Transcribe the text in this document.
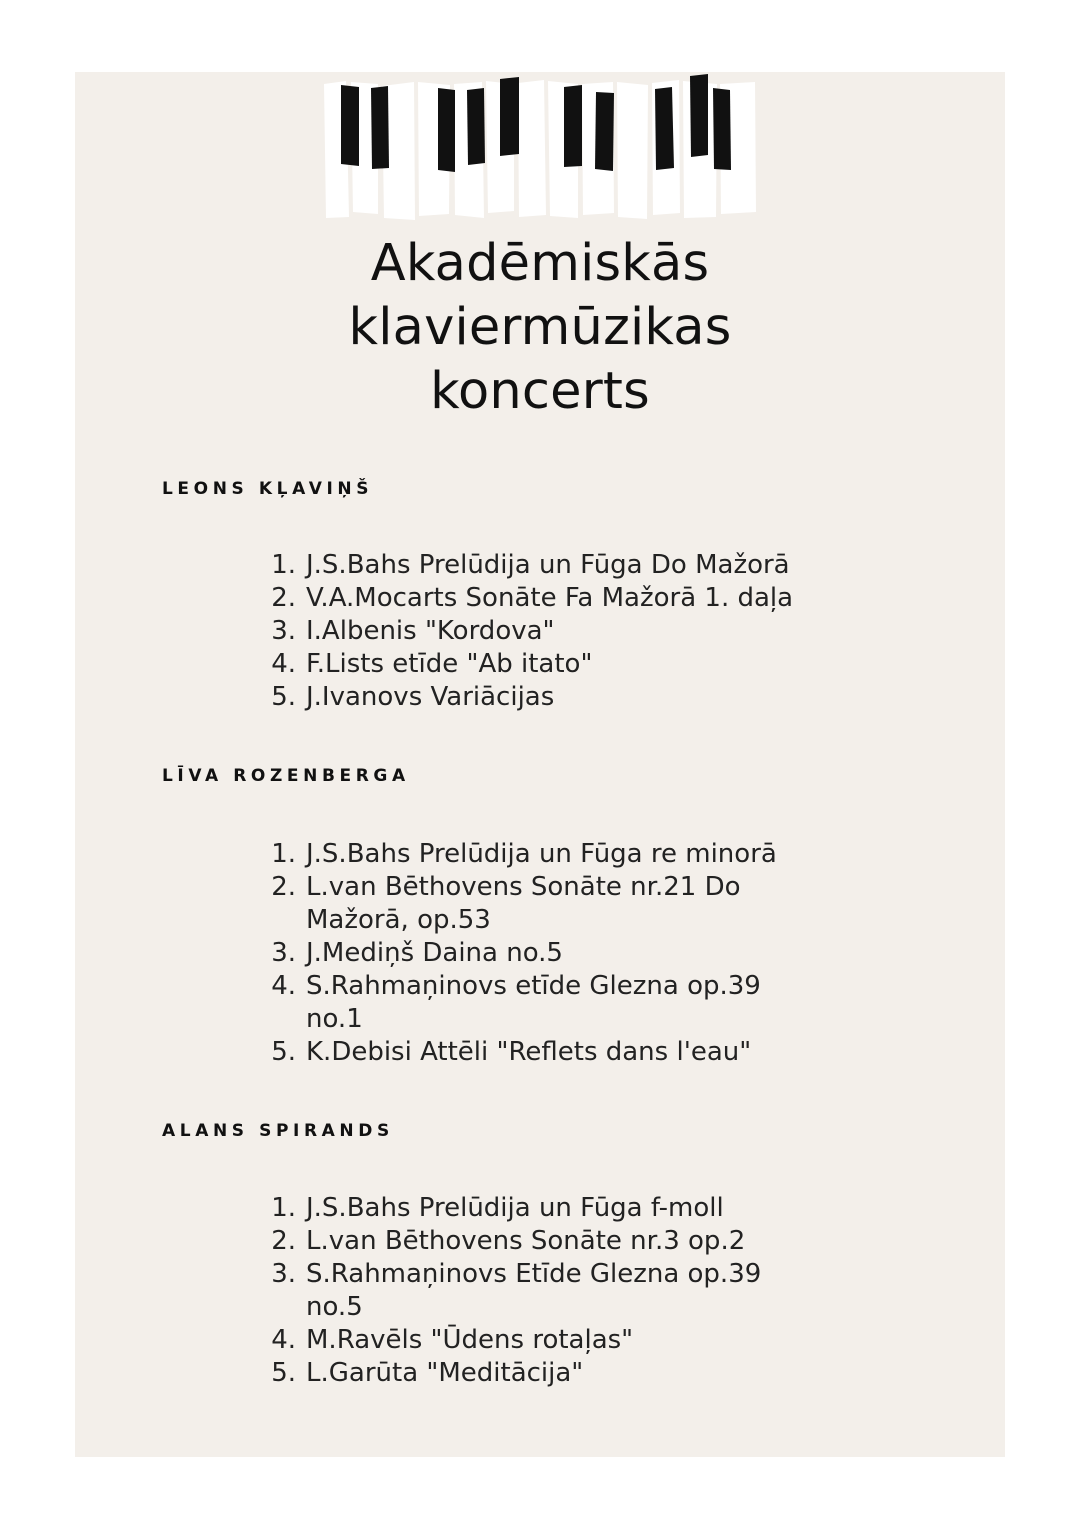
Akadēmiskās
klaviermūzikas
koncerts
LEONS KĻAVIŅŠ
1. J.S.Bahs Prelūdija un Fūga Do Mažorā
2. V.A.Mocarts Sonāte Fa Mažorā 1. daļa
3. I.Albenis "Kordova"
4. F.Lists etīde "Ab itato"
5. J.Ivanovs Variācijas
LĪVA ROZENBERGA
1. J.S.Bahs Prelūdija un Fūga re minorā
2. L.van Bēthovens Sonāte nr.21 Do Mažorā, op.53
3. J.Mediņš Daina no.5
4. S.Rahmaņinovs etīde Glezna op.39 no.1
5. K.Debisi Attēli "Reflets dans l'eau"
ALANS SPIRANDS
1. J.S.Bahs Prelūdija un Fūga f-moll
2. L.van Bēthovens Sonāte nr.3 op.2
3. S.Rahmaņinovs Etīde Glezna op.39 no.5
4. M.Ravēls "Ūdens rotaļas"
5. L.Garūta "Meditācija"
